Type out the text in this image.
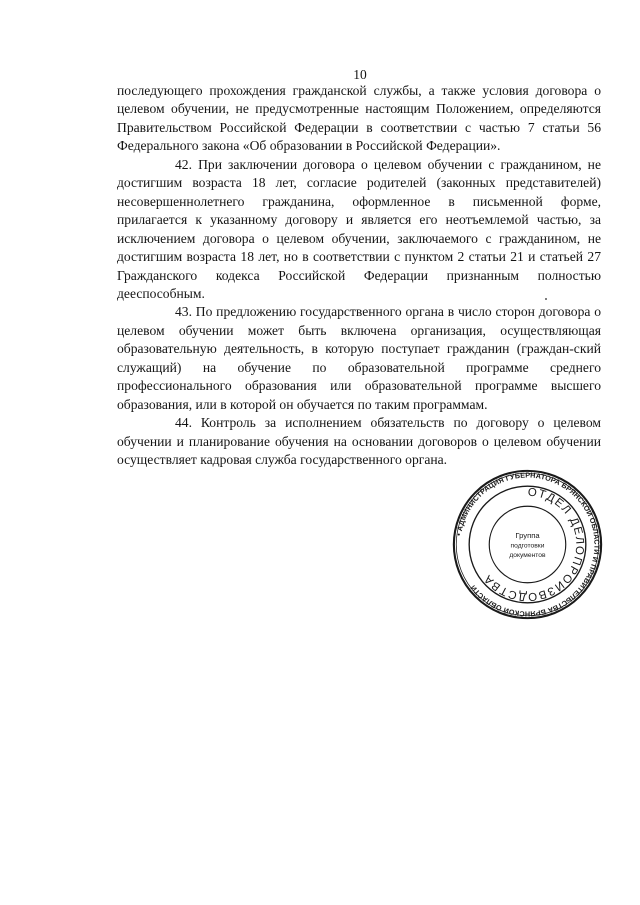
10

последующего прохождения гражданской службы, а также условия договора о целевом обучении, не предусмотренные настоящим Положением, определяются Правительством Российской Федерации в соответствии с частью 7 статьи 56 Федерального закона «Об образовании в Российской Федерации».

42. При заключении договора о целевом обучении с гражданином, не достигшим возраста 18 лет, согласие родителей (законных представителей) несовершеннолетнего гражданина, оформленное в письменной форме, прилагается к указанному договору и является его неотъемлемой частью, за исключением договора о целевом обучении, заключаемого с гражданином, не достигшим возраста 18 лет, но в соответствии с пунктом 2 статьи 21 и статьей 27 Гражданского кодекса Российской Федерации признанным полностью дееспособным.

43. По предложению государственного органа в число сторон договора о целевом обучении может быть включена организация, осуществляющая образовательную деятельность, в которую поступает гражданин (граждан-ский служащий) на обучение по образовательной программе среднего профессионального образования или образовательной программе высшего образования, или в которой он обучается по таким программам.

44. Контроль за исполнением обязательств по договору о целевом обучении и планирование обучения на основании договоров о целевом обучении осуществляет кадровая служба государственного органа.

• АДМИНИСТРАЦИЯ ГУБЕРНАТОРА БРЯНСКОЙ ОБЛАСТИ И ПРАВИТЕЛЬСТВА БРЯНСКОЙ ОБЛАСТИ
ОТДЕЛ ДЕЛОПРОИЗВОДСТВА
Группа
подготовки
документов
